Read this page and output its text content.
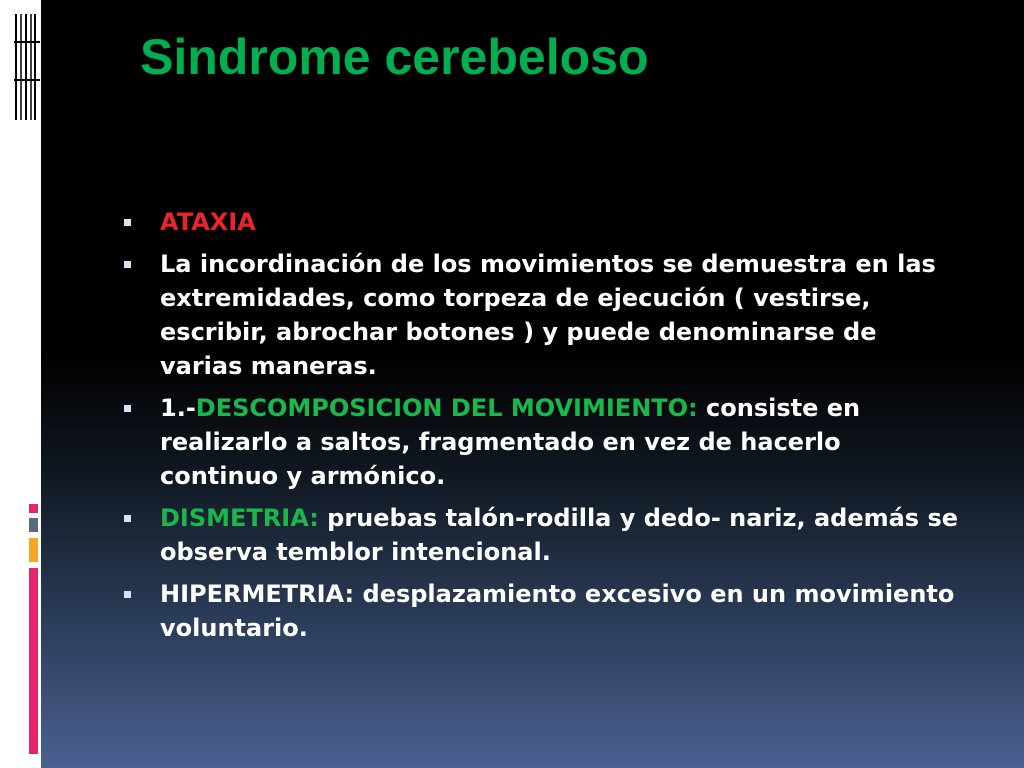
Sindrome cerebeloso
ATAXIA
La incordinación de los movimientos se demuestra en las extremidades, como torpeza de ejecución ( vestirse, escribir, abrochar botones ) y puede denominarse de varias maneras.
1.-DESCOMPOSICION DEL MOVIMIENTO: consiste en realizarlo a saltos, fragmentado en vez de hacerlo continuo y armónico.
DISMETRIA: pruebas talón-rodilla y dedo- nariz, además se observa temblor intencional.
HIPERMETRIA: desplazamiento excesivo en un movimiento voluntario.
